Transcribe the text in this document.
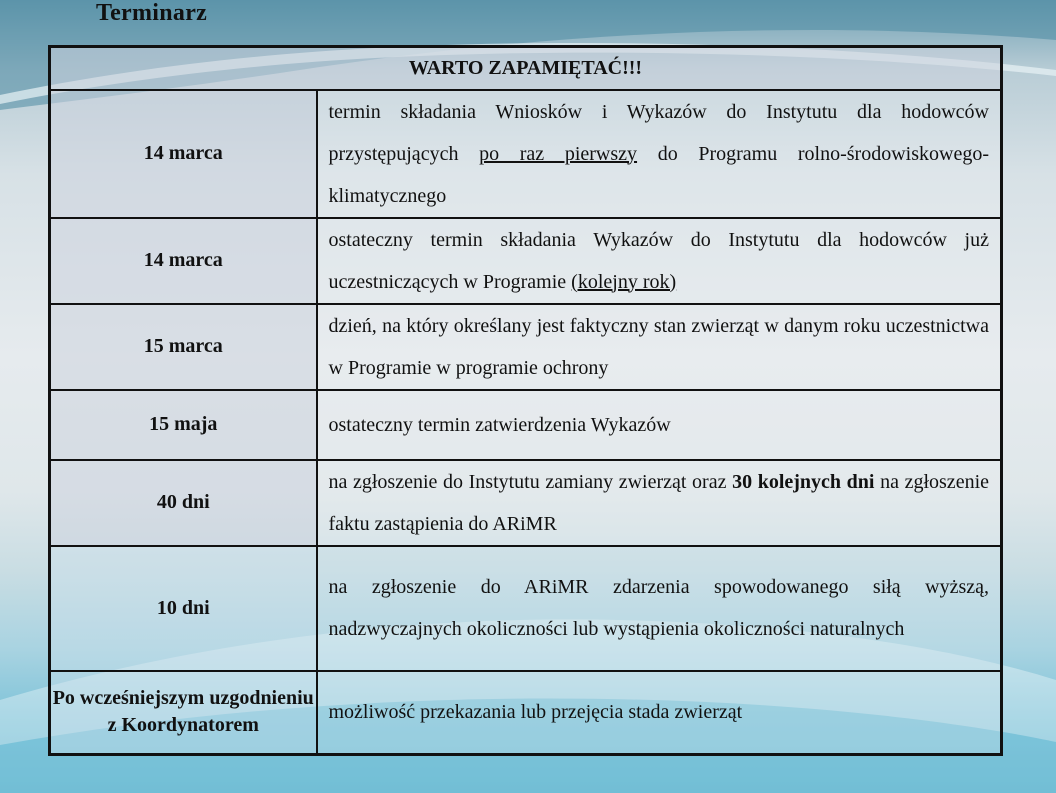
Terminarz
WARTO ZAPAMIĘTAĆ!!!	
14 marca	termin składania Wniosków i Wykazów do Instytutu dla hodowców przystępujących po raz pierwszy do Programu rolno-środowiskowego-klimatycznego
14 marca	ostateczny termin składania Wykazów do Instytutu dla hodowców już uczestniczących w Programie (kolejny rok)
15 marca	dzień, na który określany jest faktyczny stan zwierząt w danym roku uczestnictwa w Programie w programie ochrony
15 maja	ostateczny termin zatwierdzenia Wykazów
40 dni	na zgłoszenie do Instytutu zamiany zwierząt oraz 30 kolejnych dni na zgłoszenie faktu zastąpienia do ARiMR
10 dni	na zgłoszenie do ARiMR zdarzenia spowodowanego siłą wyższą, nadzwyczajnych okoliczności lub wystąpienia okoliczności naturalnych
Po wcześniejszym uzgodnieniu z Koordynatorem	możliwość przekazania lub przejęcia stada zwierząt
